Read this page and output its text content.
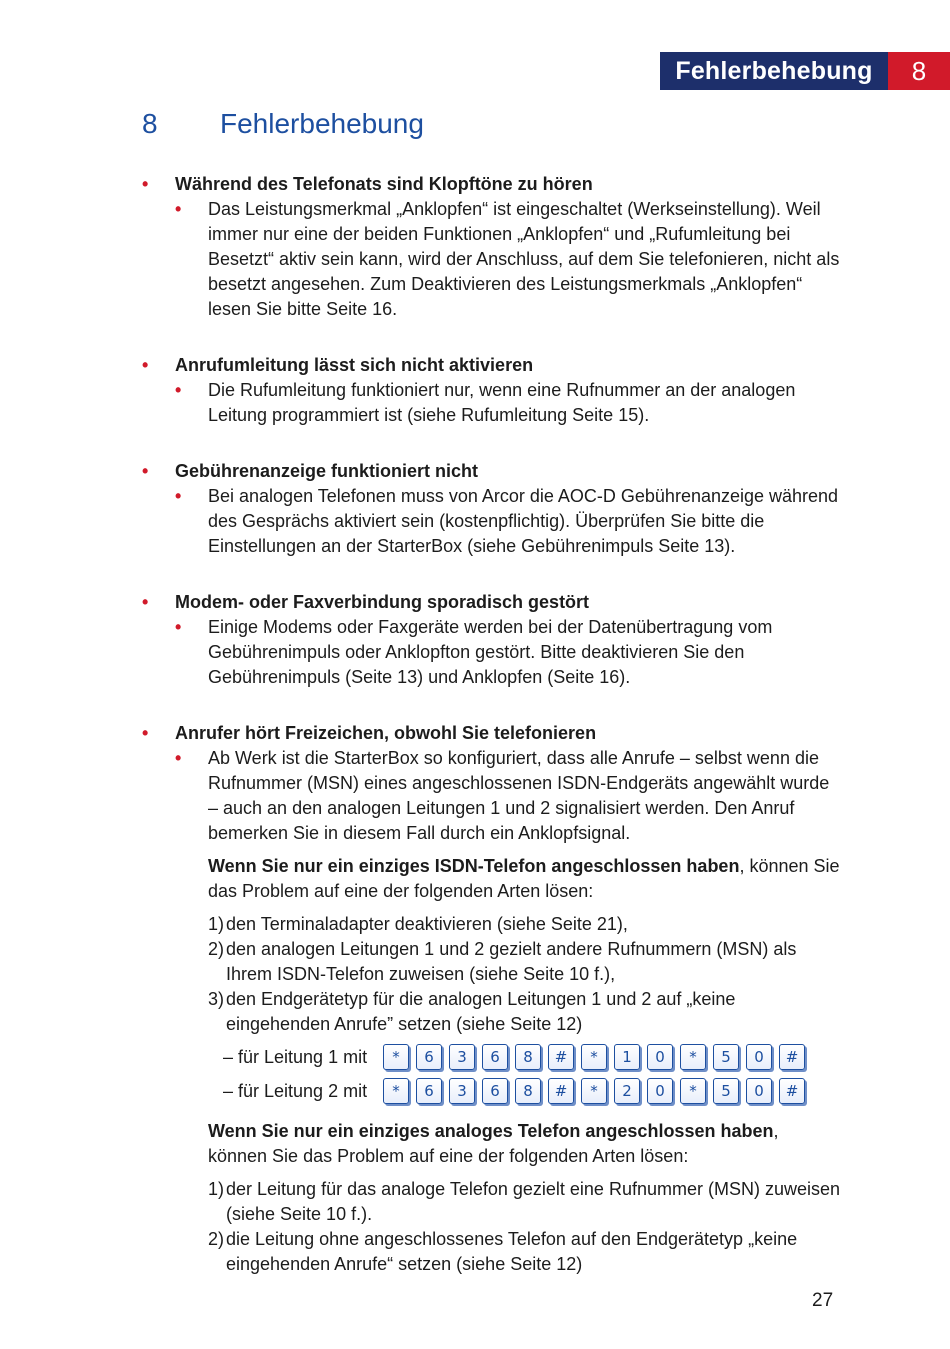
Fehlerbehebung	8
8	Fehlerbehebung
•	Während des Telefonats sind Klopftöne zu hören
•	Das Leistungsmerkmal „Anklopfen“ ist eingeschaltet (Werkseinstellung). Weil immer nur eine der beiden Funktionen „Anklopfen“ und „Rufumleitung bei Besetzt“ aktiv sein kann, wird der Anschluss, auf dem Sie telefonieren, nicht als besetzt angesehen. Zum Deaktivieren des Leistungsmerkmals „Anklopfen“ lesen Sie bitte Seite 16.
•	Anrufumleitung lässt sich nicht aktivieren
•	Die Rufumleitung funktioniert nur, wenn eine Rufnummer an der analogen Leitung programmiert ist (siehe Rufumleitung Seite 15).
•	Gebührenanzeige funktioniert nicht
•	Bei analogen Telefonen muss von Arcor die AOC-D Gebührenanzeige während des Gesprächs aktiviert sein (kostenpflichtig). Überprüfen Sie bitte die Einstellungen an der StarterBox (siehe Gebührenimpuls Seite 13).
•	Modem- oder Faxverbindung sporadisch gestört
•	Einige Modems oder Faxgeräte werden bei der Datenübertragung vom Gebührenimpuls oder Anklopfton gestört. Bitte deaktivieren Sie den Gebührenimpuls (Seite 13) und Anklopfen (Seite 16).
•	Anrufer hört Freizeichen, obwohl Sie telefonieren
•	Ab Werk ist die StarterBox so konfiguriert, dass alle Anrufe – selbst wenn die Rufnummer (MSN) eines angeschlossenen ISDN-Endgeräts angewählt wurde – auch an den analogen Leitungen 1 und 2 signalisiert werden. Den Anruf bemerken Sie in diesem Fall durch ein Anklopfsignal.
Wenn Sie nur ein einziges ISDN-Telefon angeschlossen haben, können Sie das Problem auf eine der folgenden Arten lösen:
1) den Terminaladapter deaktivieren (siehe Seite 21),
2) den analogen Leitungen 1 und 2 gezielt andere Rufnummern (MSN) als Ihrem ISDN-Telefon zuweisen (siehe Seite 10 f.),
3) den Endgerätetyp für die analogen Leitungen 1 und 2 auf „keine eingehenden Anrufe” setzen (siehe Seite 12)
– für Leitung 1 mit	*	6	3	6	8	#	*	1	0	*	5	0	#
– für Leitung 2 mit	*	6	3	6	8	#	*	2	0	*	5	0	#
Wenn Sie nur ein einziges analoges Telefon angeschlossen haben, können Sie das Problem auf eine der folgenden Arten lösen:
1) der Leitung für das analoge Telefon gezielt eine Rufnummer (MSN) zuweisen (siehe Seite 10 f.).
2) die Leitung ohne angeschlossenes Telefon auf den Endgerätetyp „keine eingehenden Anrufe“ setzen (siehe Seite 12)
27
